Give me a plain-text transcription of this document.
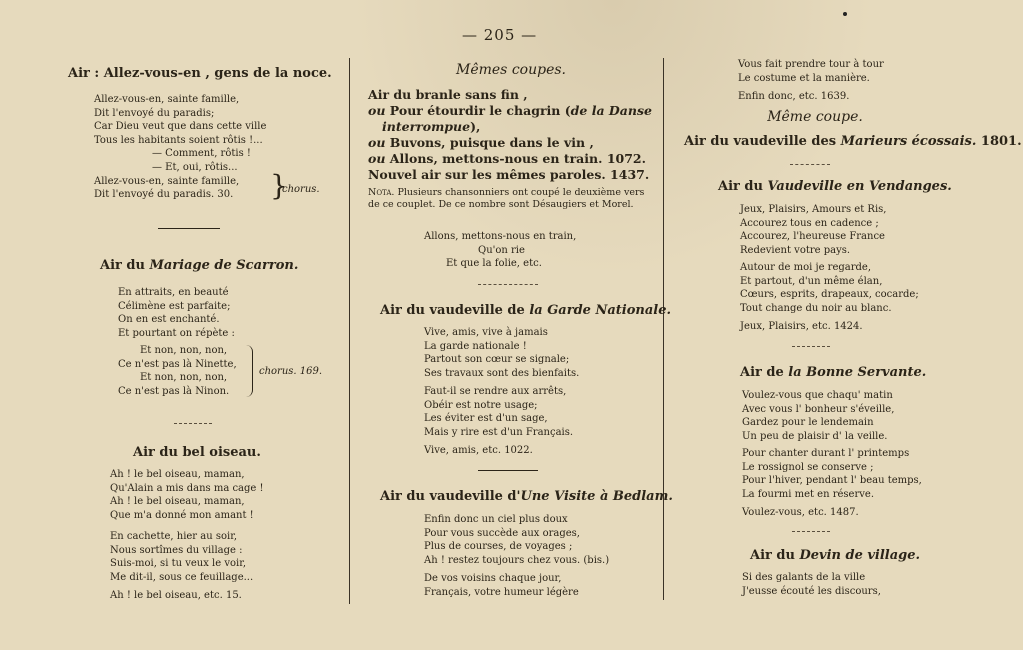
— 205 —

Air : Allez-vous-en , gens de la noce.

Allez-vous-en, sainte famille,

Dit l'envoyé du paradis;

Car Dieu veut que dans cette ville

Tous les habitants soient rôtis !...

— Comment, rôtis !

— Et, oui, rôtis...

Allez-vous-en, sainte famille,

Dit l'envoyé du paradis. 30.	}
chorus.

Air du Mariage de Scarron.

En attraits, en beauté

Célimène est parfaite;

On en est enchanté.

Et pourtant on répète :

Et non, non, non,

Ce n'est pas là Ninette,

Et non, non, non,

Ce n'est pas là Ninon.

chorus. 169.

Air du bel oiseau.

Ah ! le bel oiseau, maman,

Qu'Alain a mis dans ma cage !

Ah ! le bel oiseau, maman,

Que m'a donné mon amant !

En cachette, hier au soir,

Nous sortîmes du village :

Suis-moi, si tu veux le voir,

Me dit-il, sous ce feuillage...

Ah ! le bel oiseau, etc. 15.

Mêmes coupes.

Air du branle sans fin ,

ou Pour étourdir le chagrin (de la Danse

interrompue),

ou Buvons, puisque dans le vin ,

ou Allons, mettons-nous en train. 1072.

Nouvel air sur les mêmes paroles. 1437.

Nota. Plusieurs chansonniers ont coupé le deuxième vers de ce couplet. De ce nombre sont Désaugiers et Morel.

Allons, mettons-nous en train,

Qu'on rie

Et que la folie, etc.

Air du vaudeville de la Garde Nationale.

Vive, amis, vive à jamais

La garde nationale !

Partout son cœur se signale;

Ses travaux sont des bienfaits.

Faut-il se rendre aux arrêts,

Obéir est notre usage;

Les éviter est d'un sage,

Mais y rire est d'un Français.

Vive, amis, etc. 1022.

Air du vaudeville d'Une Visite à Bedlam.

Enfin donc un ciel plus doux

Pour vous succède aux orages,

Plus de courses, de voyages ;

Ah ! restez toujours chez vous. (bis.)

De vos voisins chaque jour,

Français, votre humeur légère

Vous fait prendre tour à tour

Le costume et la manière.

Enfin donc, etc. 1639.

Même coupe.

Air du vaudeville des Marieurs écossais. 1801.

Air du Vaudeville en Vendanges.

Jeux, Plaisirs, Amours et Ris,

Accourez tous en cadence ;

Accourez, l'heureuse France

Redevient votre pays.

Autour de moi je regarde,

Et partout, d'un même élan,

Cœurs, esprits, drapeaux, cocarde;

Tout change du noir au blanc.

Jeux, Plaisirs, etc. 1424.

Air de la Bonne Servante.

Voulez-vous que chaqu' matin

Avec vous l' bonheur s'éveille,

Gardez pour le lendemain

Un peu de plaisir d' la veille.

Pour chanter durant l' printemps

Le rossignol se conserve ;

Pour l'hiver, pendant l' beau temps,

La fourmi met en réserve.

Voulez-vous, etc. 1487.

Air du Devin de village.

Si des galants de la ville

J'eusse écouté les discours,
